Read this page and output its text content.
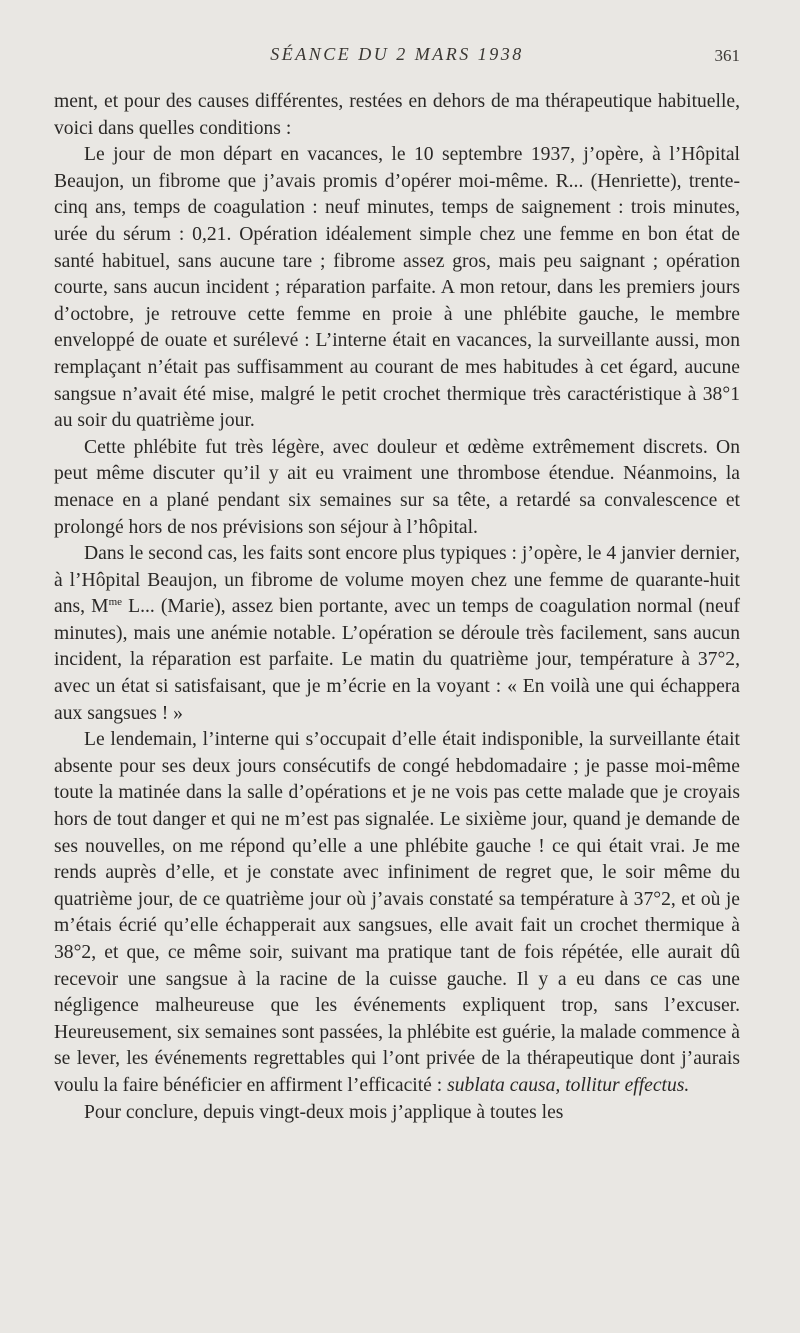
SÉANCE DU 2 MARS 1938	361

ment, et pour des causes différentes, restées en dehors de ma thérapeutique habituelle, voici dans quelles conditions :

Le jour de mon départ en vacances, le 10 septembre 1937, j’opère, à l’Hôpital Beaujon, un fibrome que j’avais promis d’opérer moi-même. R... (Henriette), trente-cinq ans, temps de coagulation : neuf minutes, temps de saignement : trois minutes, urée du sérum : 0,21. Opération idéalement simple chez une femme en bon état de santé habituel, sans aucune tare ; fibrome assez gros, mais peu saignant ; opération courte, sans aucun incident ; réparation parfaite. A mon retour, dans les premiers jours d’octobre, je retrouve cette femme en proie à une phlébite gauche, le membre enveloppé de ouate et surélevé : L’interne était en vacances, la surveillante aussi, mon remplaçant n’était pas suffisamment au courant de mes habitudes à cet égard, aucune sangsue n’avait été mise, malgré le petit crochet thermique très caractéristique à 38°1 au soir du quatrième jour.

Cette phlébite fut très légère, avec douleur et œdème extrêmement discrets. On peut même discuter qu’il y ait eu vraiment une thrombose étendue. Néanmoins, la menace en a plané pendant six semaines sur sa tête, a retardé sa convalescence et prolongé hors de nos prévisions son séjour à l’hôpital.

Dans le second cas, les faits sont encore plus typiques : j’opère, le 4 janvier dernier, à l’Hôpital Beaujon, un fibrome de volume moyen chez une femme de quarante-huit ans, $M^{me}$ L... (Marie), assez bien portante, avec un temps de coagulation normal (neuf minutes), mais une anémie notable. L’opération se déroule très facilement, sans aucun incident, la réparation est parfaite. Le matin du quatrième jour, température à 37°2, avec un état si satisfaisant, que je m’écrie en la voyant : « En voilà une qui échappera aux sangsues ! »

Le lendemain, l’interne qui s’occupait d’elle était indisponible, la surveillante était absente pour ses deux jours consécutifs de congé hebdomadaire ; je passe moi-même toute la matinée dans la salle d’opérations et je ne vois pas cette malade que je croyais hors de tout danger et qui ne m’est pas signalée. Le sixième jour, quand je demande de ses nouvelles, on me répond qu’elle a une phlébite gauche ! ce qui était vrai. Je me rends auprès d’elle, et je constate avec infiniment de regret que, le soir même du quatrième jour, de ce quatrième jour où j’avais constaté sa température à 37°2, et où je m’étais écrié qu’elle échapperait aux sangsues, elle avait fait un crochet thermique à 38°2, et que, ce même soir, suivant ma pratique tant de fois répétée, elle aurait dû recevoir une sangsue à la racine de la cuisse gauche. Il y a eu dans ce cas une négligence malheureuse que les événements expliquent trop, sans l’excuser. Heureusement, six semaines sont passées, la phlébite est guérie, la malade commence à se lever, les événements regrettables qui l’ont privée de la thérapeutique dont j’aurais voulu la faire bénéficier en affirment l’efficacité : sublata causa, tollitur effectus.

Pour conclure, depuis vingt-deux mois j’applique à toutes les
